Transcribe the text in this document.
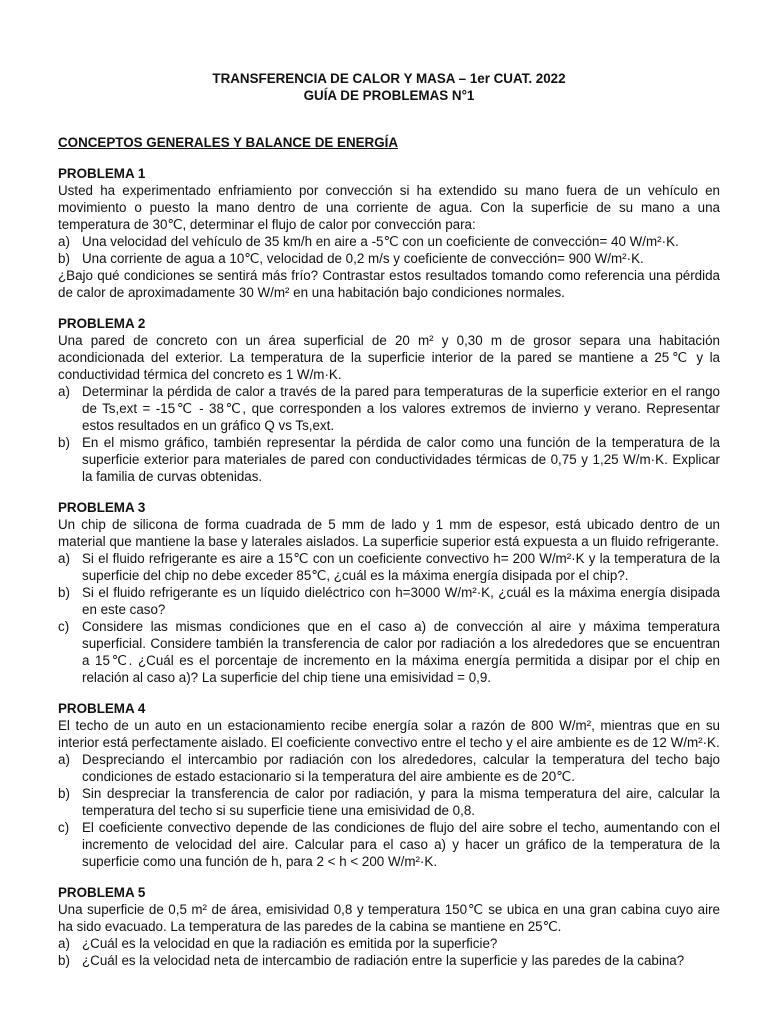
TRANSFERENCIA DE CALOR Y MASA – 1er CUAT. 2022
GUÍA DE PROBLEMAS N°1
CONCEPTOS GENERALES Y BALANCE DE ENERGÍA
PROBLEMA 1
Usted ha experimentado enfriamiento por convección si ha extendido su mano fuera de un vehículo en movimiento o puesto la mano dentro de una corriente de agua. Con la superficie de su mano a una temperatura de 30℃, determinar el flujo de calor por convección para:
a) Una velocidad del vehículo de 35 km/h en aire a -5℃ con un coeficiente de convección= 40 W/m²·K.
b) Una corriente de agua a 10℃, velocidad de 0,2 m/s y coeficiente de convección= 900 W/m²·K.
¿Bajo qué condiciones se sentirá más frío? Contrastar estos resultados tomando como referencia una pérdida de calor de aproximadamente 30 W/m² en una habitación bajo condiciones normales.
PROBLEMA 2
Una pared de concreto con un área superficial de 20 m² y 0,30 m de grosor separa una habitación acondicionada del exterior. La temperatura de la superficie interior de la pared se mantiene a 25℃ y la conductividad térmica del concreto es 1 W/m·K.
a) Determinar la pérdida de calor a través de la pared para temperaturas de la superficie exterior en el rango de Ts,ext = -15℃ - 38℃, que corresponden a los valores extremos de invierno y verano. Representar estos resultados en un gráfico Q vs Ts,ext.
b) En el mismo gráfico, también representar la pérdida de calor como una función de la temperatura de la superficie exterior para materiales de pared con conductividades térmicas de 0,75 y 1,25 W/m·K. Explicar la familia de curvas obtenidas.
PROBLEMA 3
Un chip de silicona de forma cuadrada de 5 mm de lado y 1 mm de espesor, está ubicado dentro de un material que mantiene la base y laterales aislados. La superficie superior está expuesta a un fluido refrigerante.
a) Si el fluido refrigerante es aire a 15℃ con un coeficiente convectivo h= 200 W/m²·K y la temperatura de la superficie del chip no debe exceder 85℃, ¿cuál es la máxima energía disipada por el chip?.
b) Si el fluido refrigerante es un líquido dieléctrico con h=3000 W/m²·K, ¿cuál es la máxima energía disipada en este caso?
c) Considere las mismas condiciones que en el caso a) de convección al aire y máxima temperatura superficial. Considere también la transferencia de calor por radiación a los alrededores que se encuentran a 15℃. ¿Cuál es el porcentaje de incremento en la máxima energía permitida a disipar por el chip en relación al caso a)? La superficie del chip tiene una emisividad = 0,9.
PROBLEMA 4
El techo de un auto en un estacionamiento recibe energía solar a razón de 800 W/m², mientras que en su interior está perfectamente aislado. El coeficiente convectivo entre el techo y el aire ambiente es de 12 W/m²·K.
a) Despreciando el intercambio por radiación con los alrededores, calcular la temperatura del techo bajo condiciones de estado estacionario si la temperatura del aire ambiente es de 20℃.
b) Sin despreciar la transferencia de calor por radiación, y para la misma temperatura del aire, calcular la temperatura del techo si su superficie tiene una emisividad de 0,8.
c) El coeficiente convectivo depende de las condiciones de flujo del aire sobre el techo, aumentando con el incremento de velocidad del aire. Calcular para el caso a) y hacer un gráfico de la temperatura de la superficie como una función de h, para 2 < h < 200 W/m²·K.
PROBLEMA 5
Una superficie de 0,5 m² de área, emisividad 0,8 y temperatura 150℃ se ubica en una gran cabina cuyo aire ha sido evacuado. La temperatura de las paredes de la cabina se mantiene en 25℃.
a) ¿Cuál es la velocidad en que la radiación es emitida por la superficie?
b) ¿Cuál es la velocidad neta de intercambio de radiación entre la superficie y las paredes de la cabina?
